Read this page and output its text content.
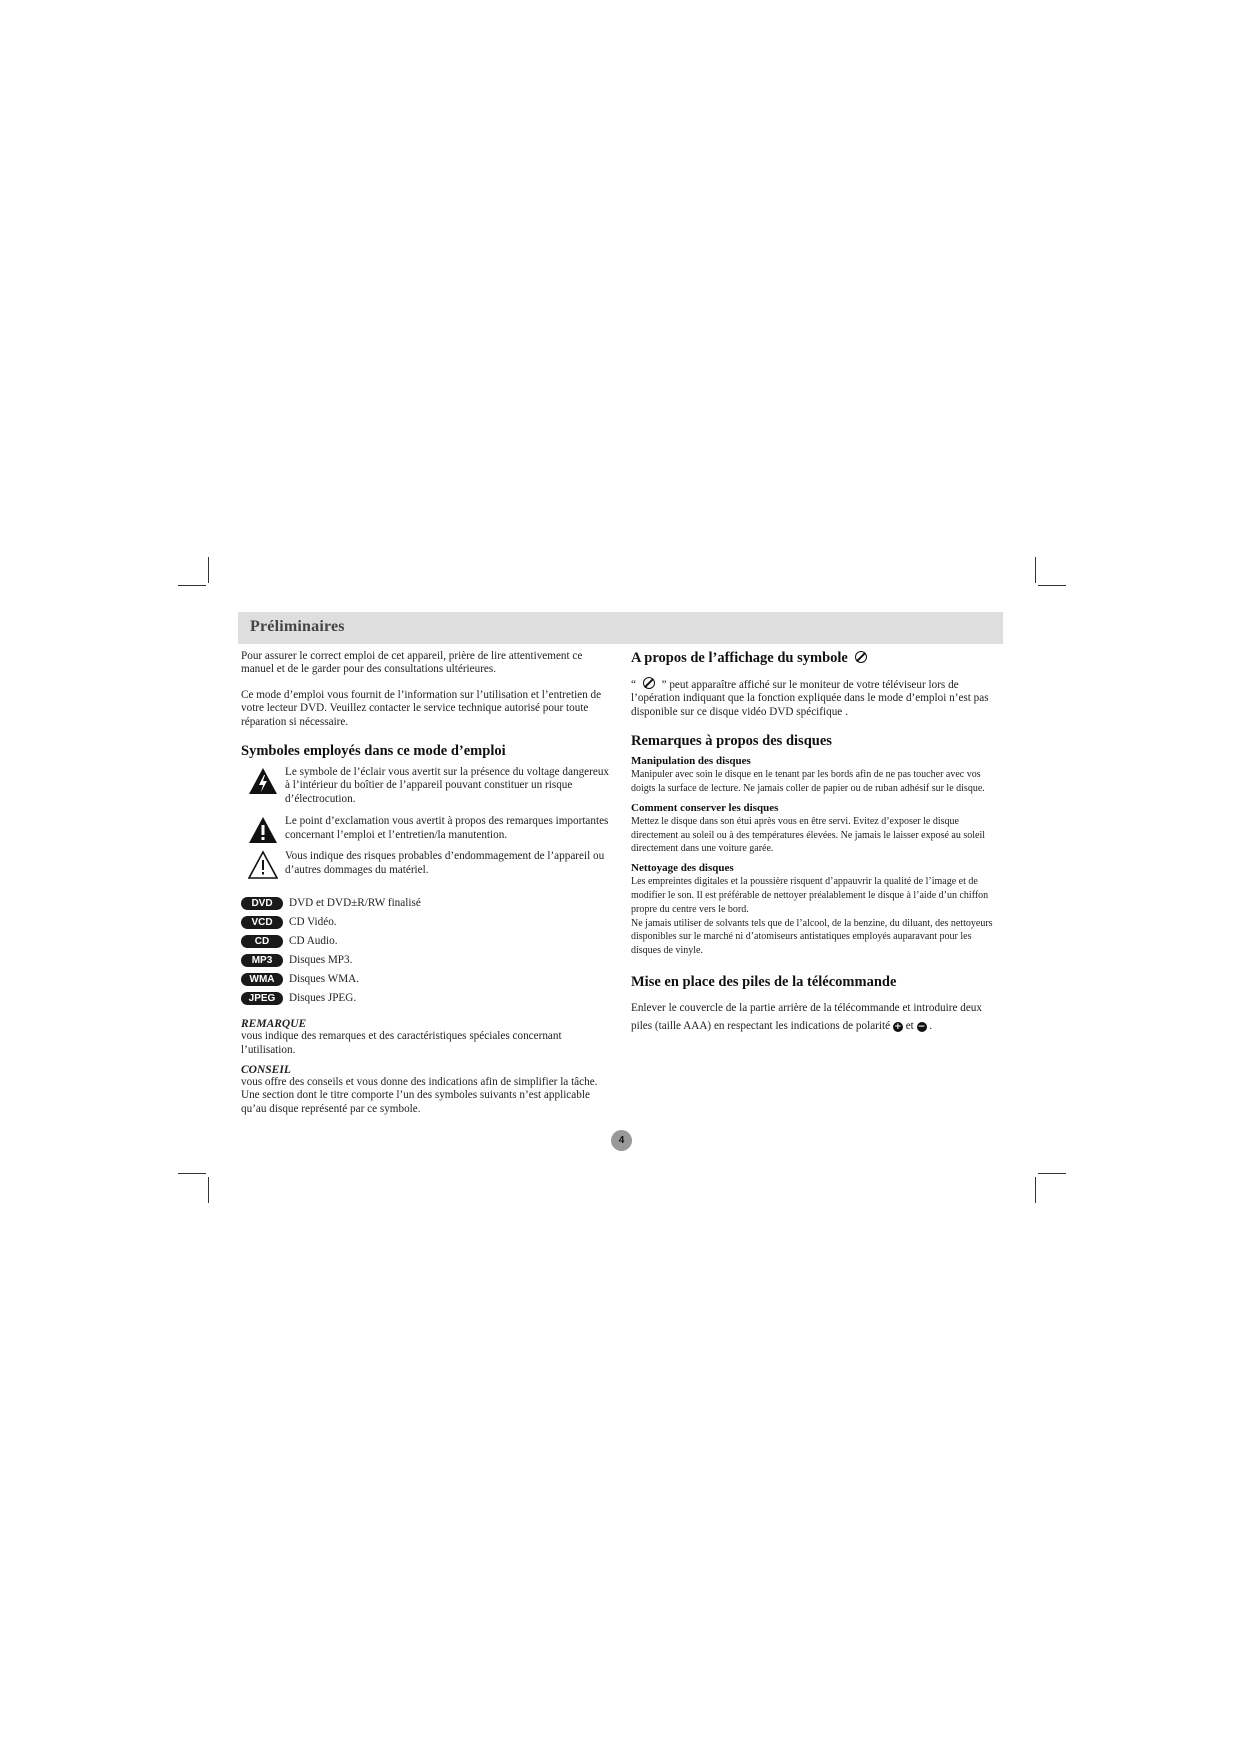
Préliminaires

Pour assurer le correct emploi de cet appareil, prière de lire attentivement ce manuel et de le garder pour des consultations ultérieures.

Ce mode d’emploi vous fournit de l’information sur l’utilisation et l’entretien de votre lecteur DVD. Veuillez contacter le service technique autorisé pour toute réparation si nécessaire.

Symboles employés dans ce mode d’emploi

Le symbole de l’éclair vous avertit sur la présence du voltage dangereux à l’intérieur du boîtier de l’appareil pouvant constituer un risque d’électrocution.

Le point d’exclamation vous avertit à propos des remarques importantes concernant l’emploi et l’entretien/la manutention.

Vous indique des risques probables d’endommagement de l’appareil ou d’autres dommages du matériel.

DVD	DVD et DVD±R/RW finalisé
VCD	CD Vidéo.
CD	CD Audio.
MP3	Disques MP3.
WMA	Disques WMA.
JPEG	Disques JPEG.

REMARQUE

vous indique des remarques et des caractéristiques spéciales concernant l’utilisation.

CONSEIL

vous offre des conseils et vous donne des indications afin de simplifier la tâche.

Une section dont le titre comporte l’un des symboles suivants n’est applicable qu’au disque représenté par ce symbole.

A propos de l’affichage du symbole

“ ” peut apparaître affiché sur le moniteur de votre téléviseur lors de l’opération indiquant que la fonction expliquée dans le mode d’emploi n’est pas disponible sur ce disque vidéo DVD spécifique .

Remarques à propos des disques
Manipulation des disques

Manipuler avec soin le disque en le tenant par les bords afin de ne pas toucher avec vos doigts la surface de lecture. Ne jamais coller de papier ou de ruban adhésif sur le disque.

Comment conserver les disques

Mettez le disque dans son étui après vous en être servi. Evitez d’exposer le disque directement au soleil ou à des températures élevées. Ne jamais le laisser exposé au soleil directement dans une voiture garée.

Nettoyage des disques

Les empreintes digitales et la poussière risquent d’appauvrir la qualité de l’image et de modifier le son. Il est préférable de nettoyer préalablement le disque à l’aide d’un chiffon propre du centre vers le bord.

Ne jamais utiliser de solvants tels que de l’alcool, de la benzine, du diluant, des nettoyeurs disponibles sur le marché ni d’atomiseurs antistatiques employés auparavant pour les disques de vinyle.

Mise en place des piles de la télécommande

Enlever le couvercle de la partie arrière de la télécommande et introduire deux piles (taille AAA) en respectant les indications de polarité + et − .

4
